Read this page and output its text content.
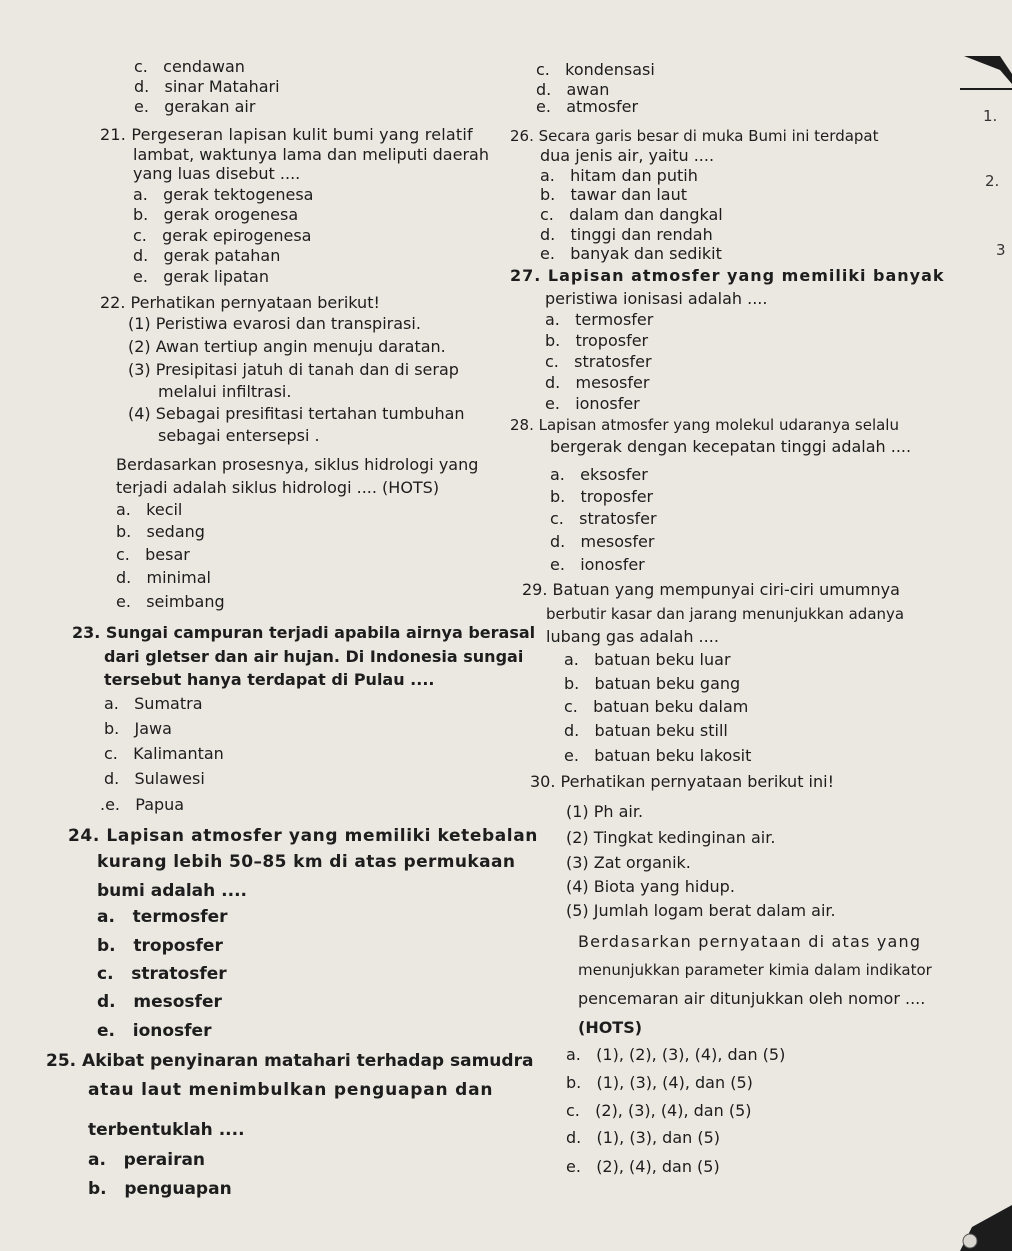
c.   cendawan
d.   sinar Matahari
e.   gerakan air
21. Pergeseran lapisan kulit bumi yang relatif
lambat, waktunya lama dan meliputi daerah
yang luas disebut ....
a.   gerak tektogenesa
b.   gerak orogenesa
c.   gerak epirogenesa
d.   gerak patahan
e.   gerak lipatan
22. Perhatikan pernyataan berikut!
(1) Peristiwa evarosi dan transpirasi.
(2) Awan tertiup angin menuju daratan.
(3) Presipitasi jatuh di tanah dan di serap
melalui infiltrasi.
(4) Sebagai presifitasi tertahan tumbuhan
sebagai entersepsi .
Berdasarkan prosesnya, siklus hidrologi yang
terjadi adalah siklus hidrologi .... (HOTS)
a.   kecil
b.   sedang
c.   besar
d.   minimal
e.   seimbang
23. Sungai campuran terjadi apabila airnya berasal
dari gletser dan air hujan. Di Indonesia sungai
tersebut hanya terdapat di Pulau ....
a.   Sumatra
b.   Jawa
c.   Kalimantan
d.   Sulawesi
.e.   Papua
24. Lapisan atmosfer yang memiliki ketebalan
kurang lebih 50–85 km di atas permukaan
bumi adalah ....
a.   termosfer
b.   troposfer
c.   stratosfer
d.   mesosfer
e.   ionosfer
25. Akibat penyinaran matahari terhadap samudra
atau laut menimbulkan penguapan dan
terbentuklah ....
a.   perairan
b.   penguapan
c.   kondensasi
d.   awan
e.   atmosfer
26. Secara garis besar di muka Bumi ini terdapat
dua jenis air, yaitu ....
a.   hitam dan putih
b.   tawar dan laut
c.   dalam dan dangkal
d.   tinggi dan rendah
e.   banyak dan sedikit
27. Lapisan atmosfer yang memiliki banyak
peristiwa ionisasi adalah ....
a.   termosfer
b.   troposfer
c.   stratosfer
d.   mesosfer
e.   ionosfer
28. Lapisan atmosfer yang molekul udaranya selalu
bergerak dengan kecepatan tinggi adalah ....
a.   eksosfer
b.   troposfer
c.   stratosfer
d.   mesosfer
e.   ionosfer
29. Batuan yang mempunyai ciri-ciri umumnya
berbutir kasar dan jarang menunjukkan adanya
lubang gas adalah ....
a.   batuan beku luar
b.   batuan beku gang
c.   batuan beku dalam
d.   batuan beku still
e.   batuan beku lakosit
30. Perhatikan pernyataan berikut ini!
(1) Ph air.
(2) Tingkat kedinginan air.
(3) Zat organik.
(4) Biota yang hidup.
(5) Jumlah logam berat dalam air.
Berdasarkan pernyataan di atas yang
menunjukkan parameter kimia dalam indikator
pencemaran air ditunjukkan oleh nomor ....
(HOTS)
a.   (1), (2), (3), (4), dan (5)
b.   (1), (3), (4), dan (5)
c.   (2), (3), (4), dan (5)
d.   (1), (3), dan (5)
e.   (2), (4), dan (5)
1.
2.
3
